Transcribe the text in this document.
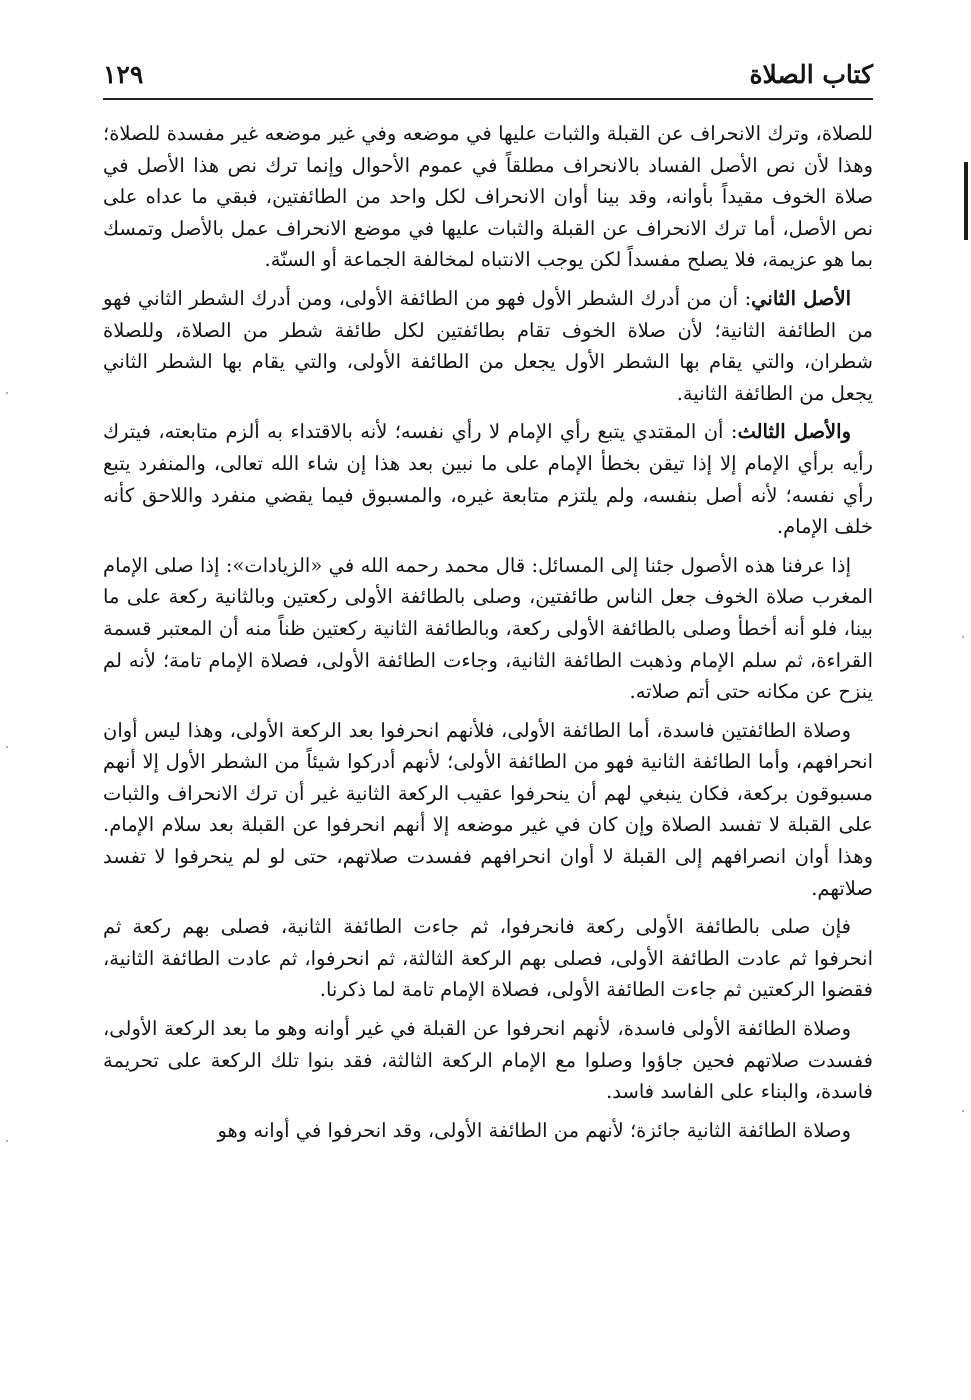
كتاب الصلاة
١٢٩

للصلاة، وترك الانحراف عن القبلة والثبات عليها في موضعه وفي غير موضعه غير مفسدة للصلاة؛ وهذا لأن نص الأصل الفساد بالانحراف مطلقاً في عموم الأحوال وإنما ترك نص هذا الأصل في صلاة الخوف مقيداً بأوانه، وقد بينا أوان الانحراف لكل واحد من الطائفتين، فبقي ما عداه على نص الأصل، أما ترك الانحراف عن القبلة والثبات عليها في موضع الانحراف عمل بالأصل وتمسك بما هو عزيمة، فلا يصلح مفسداً لكن يوجب الانتباه لمخالفة الجماعة أو السنّة.

الأصل الثاني: أن من أدرك الشطر الأول فهو من الطائفة الأولى، ومن أدرك الشطر الثاني فهو من الطائفة الثانية؛ لأن صلاة الخوف تقام بطائفتين لكل طائفة شطر من الصلاة، وللصلاة شطران، والتي يقام بها الشطر الأول يجعل من الطائفة الأولى، والتي يقام بها الشطر الثاني يجعل من الطائفة الثانية.

والأصل الثالث: أن المقتدي يتبع رأي الإمام لا رأي نفسه؛ لأنه بالاقتداء به ألزم متابعته، فيترك رأيه برأي الإمام إلا إذا تيقن بخطأ الإمام على ما نبين بعد هذا إن شاء الله تعالى، والمنفرد يتبع رأي نفسه؛ لأنه أصل بنفسه، ولم يلتزم متابعة غيره، والمسبوق فيما يقضي منفرد واللاحق كأنه خلف الإمام.

إذا عرفنا هذه الأصول جئنا إلى المسائل: قال محمد رحمه الله في «الزيادات»: إذا صلى الإمام المغرب صلاة الخوف جعل الناس طائفتين، وصلى بالطائفة الأولى ركعتين وبالثانية ركعة على ما بينا، فلو أنه أخطأ وصلى بالطائفة الأولى ركعة، وبالطائفة الثانية ركعتين ظناً منه أن المعتبر قسمة القراءة، ثم سلم الإمام وذهبت الطائفة الثانية، وجاءت الطائفة الأولى، فصلاة الإمام تامة؛ لأنه لم ينزح عن مكانه حتى أتم صلاته.

وصلاة الطائفتين فاسدة، أما الطائفة الأولى، فلأنهم انحرفوا بعد الركعة الأولى، وهذا ليس أوان انحرافهم، وأما الطائفة الثانية فهو من الطائفة الأولى؛ لأنهم أدركوا شيئاً من الشطر الأول إلا أنهم مسبوقون بركعة، فكان ينبغي لهم أن ينحرفوا عقيب الركعة الثانية غير أن ترك الانحراف والثبات على القبلة لا تفسد الصلاة وإن كان في غير موضعه إلا أنهم انحرفوا عن القبلة بعد سلام الإمام. وهذا أوان انصرافهم إلى القبلة لا أوان انحرافهم ففسدت صلاتهم، حتى لو لم ينحرفوا لا تفسد صلاتهم.

فإن صلى بالطائفة الأولى ركعة فانحرفوا، ثم جاءت الطائفة الثانية، فصلى بهم ركعة ثم انحرفوا ثم عادت الطائفة الأولى، فصلى بهم الركعة الثالثة، ثم انحرفوا، ثم عادت الطائفة الثانية، فقضوا الركعتين ثم جاءت الطائفة الأولى، فصلاة الإمام تامة لما ذكرنا.

وصلاة الطائفة الأولى فاسدة، لأنهم انحرفوا عن القبلة في غير أوانه وهو ما بعد الركعة الأولى، ففسدت صلاتهم فحين جاؤوا وصلوا مع الإمام الركعة الثالثة، فقد بنوا تلك الركعة على تحريمة فاسدة، والبناء على الفاسد فاسد.

وصلاة الطائفة الثانية جائزة؛ لأنهم من الطائفة الأولى، وقد انحرفوا في أوانه وهو
